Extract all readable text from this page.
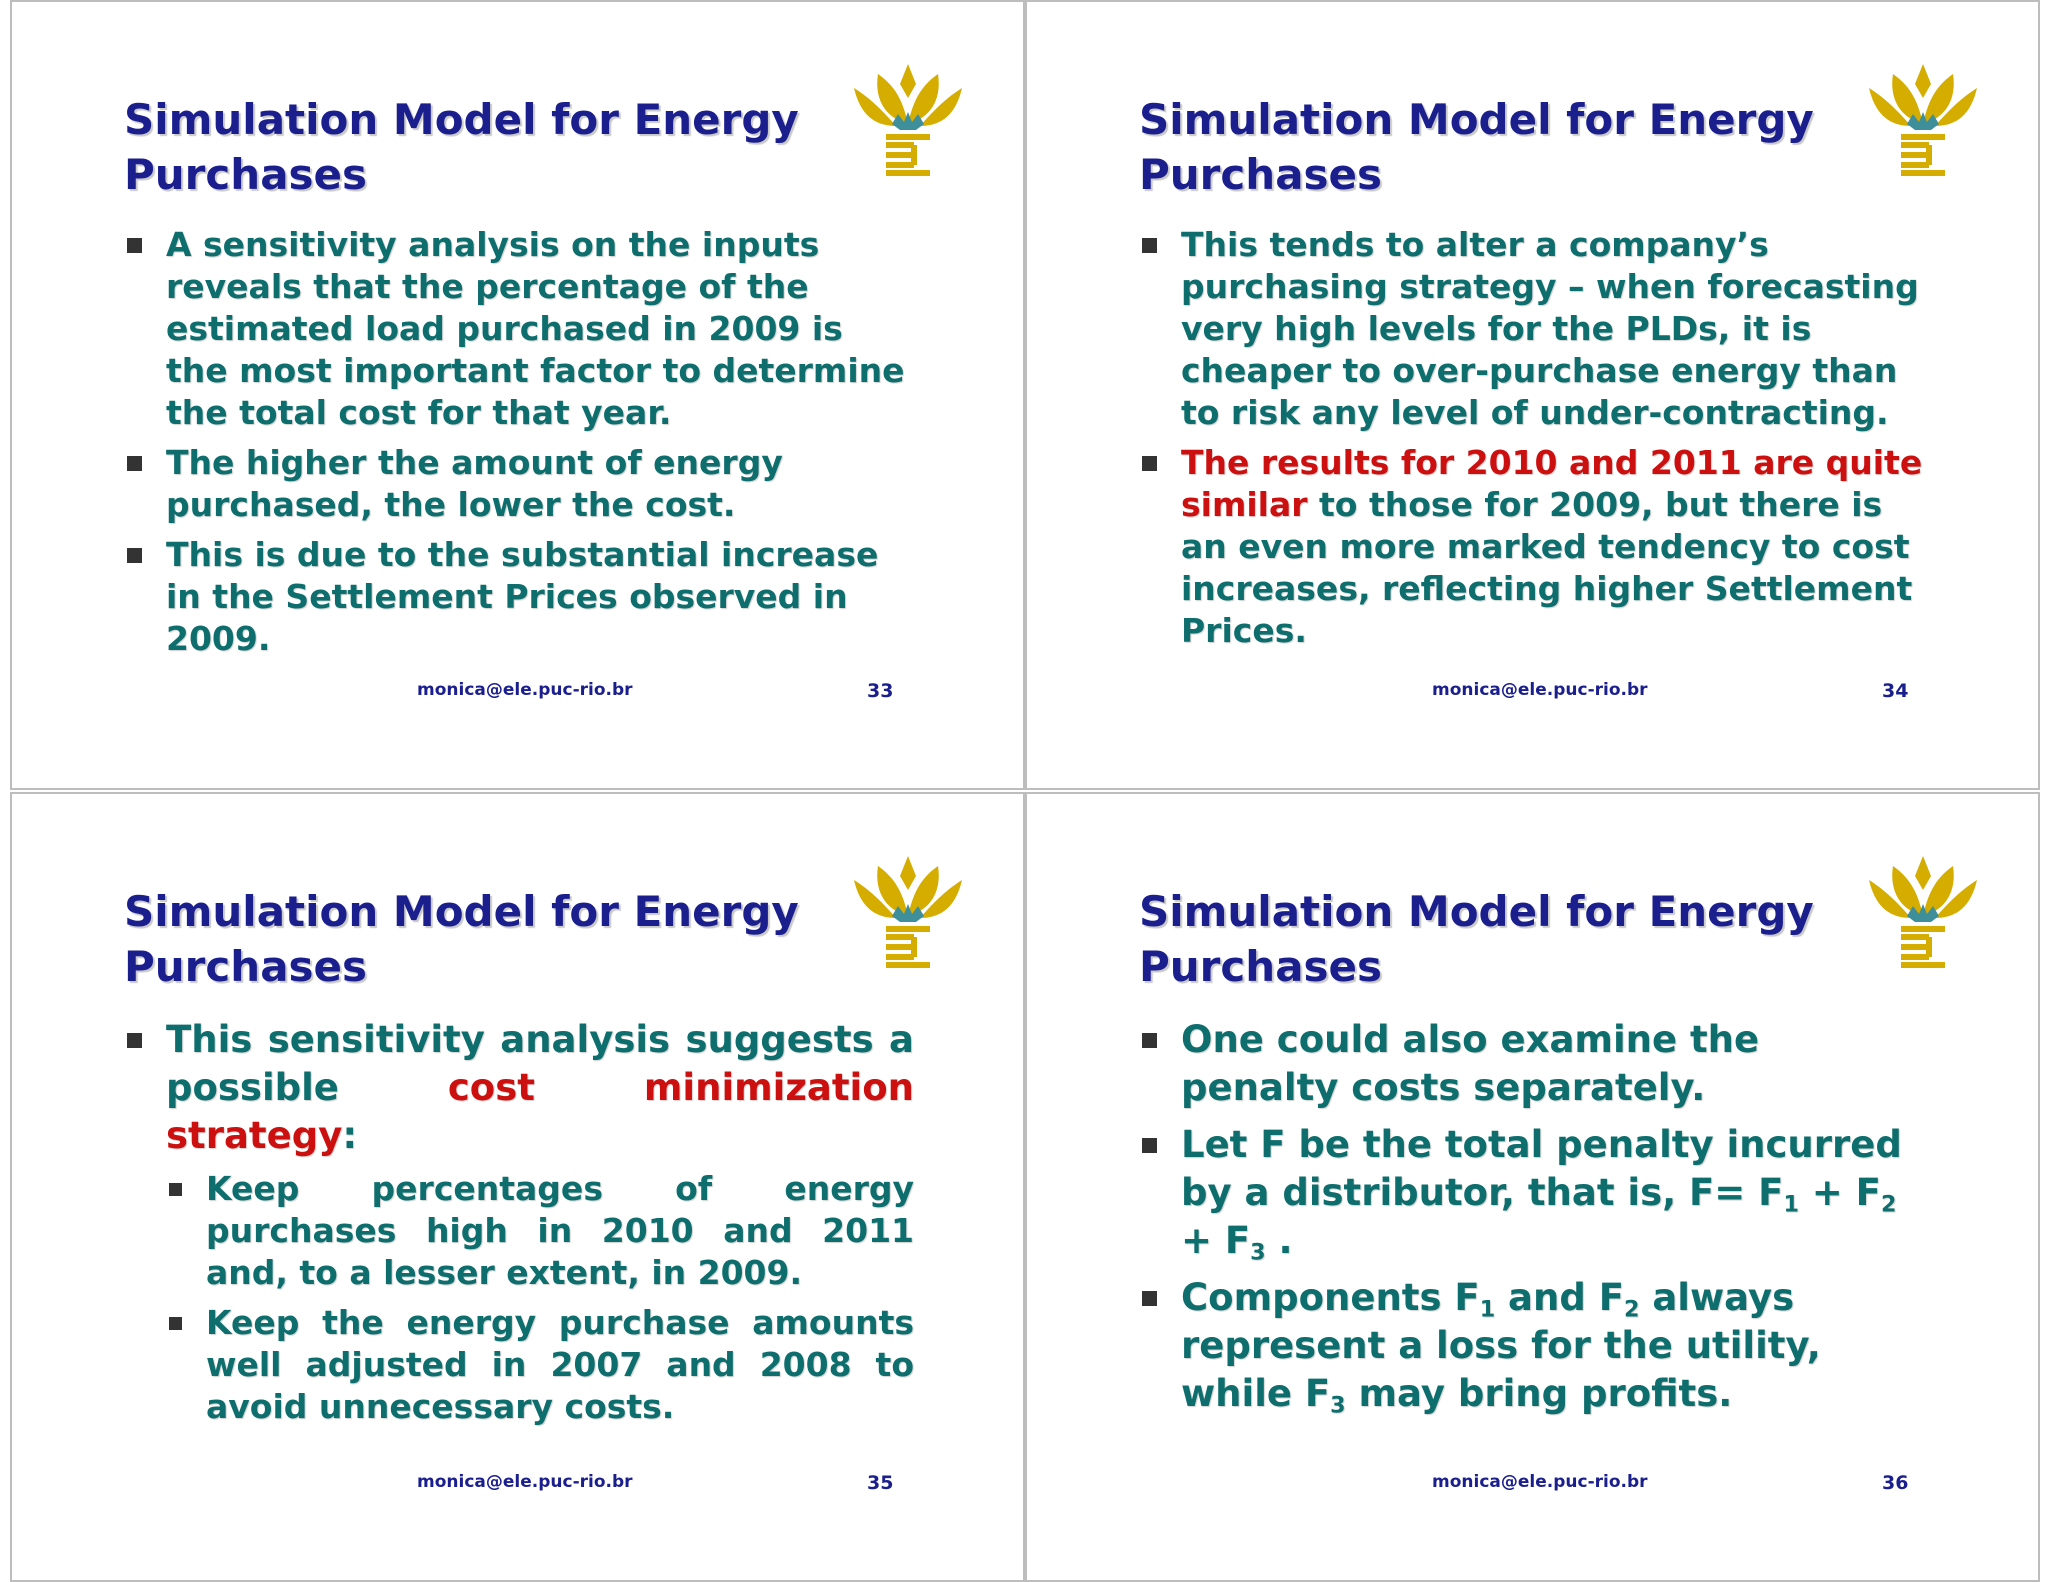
Simulation Model for Energy
Purchases
A sensitivity analysis on the inputs reveals that the percentage of the estimated load purchased in 2009 is the most important factor to determine the total cost for that year.
The higher the amount of energy purchased, the lower the cost.
This is due to the substantial increase in the Settlement Prices observed in 2009.

monica@ele.puc-rio.br	33

Simulation Model for Energy
Purchases
This tends to alter a company’s purchasing strategy – when forecasting very high levels for the PLDs, it is cheaper to over-purchase energy than to risk any level of under-contracting.
The results for 2010 and 2011 are quite similar to those for 2009, but there is an even more marked tendency to cost increases, reflecting higher Settlement Prices.

monica@ele.puc-rio.br	34

Simulation Model for Energy
Purchases
This sensitivity analysis suggests a possible cost minimization strategy:
Keep percentages of energy purchases high in 2010 and 2011 and, to a lesser extent, in 2009.
Keep the energy purchase amounts well adjusted in 2007 and 2008 to avoid unnecessary costs.

monica@ele.puc-rio.br	35

Simulation Model for Energy
Purchases
One could also examine the penalty costs separately.
Let F be the total penalty incurred by a distributor, that is, $F= F_1 + F_2 + F_3$ .
Components $F_1$ and $F_2$ always represent a loss for the utility, while $F_3$ may bring profits.

monica@ele.puc-rio.br	36
